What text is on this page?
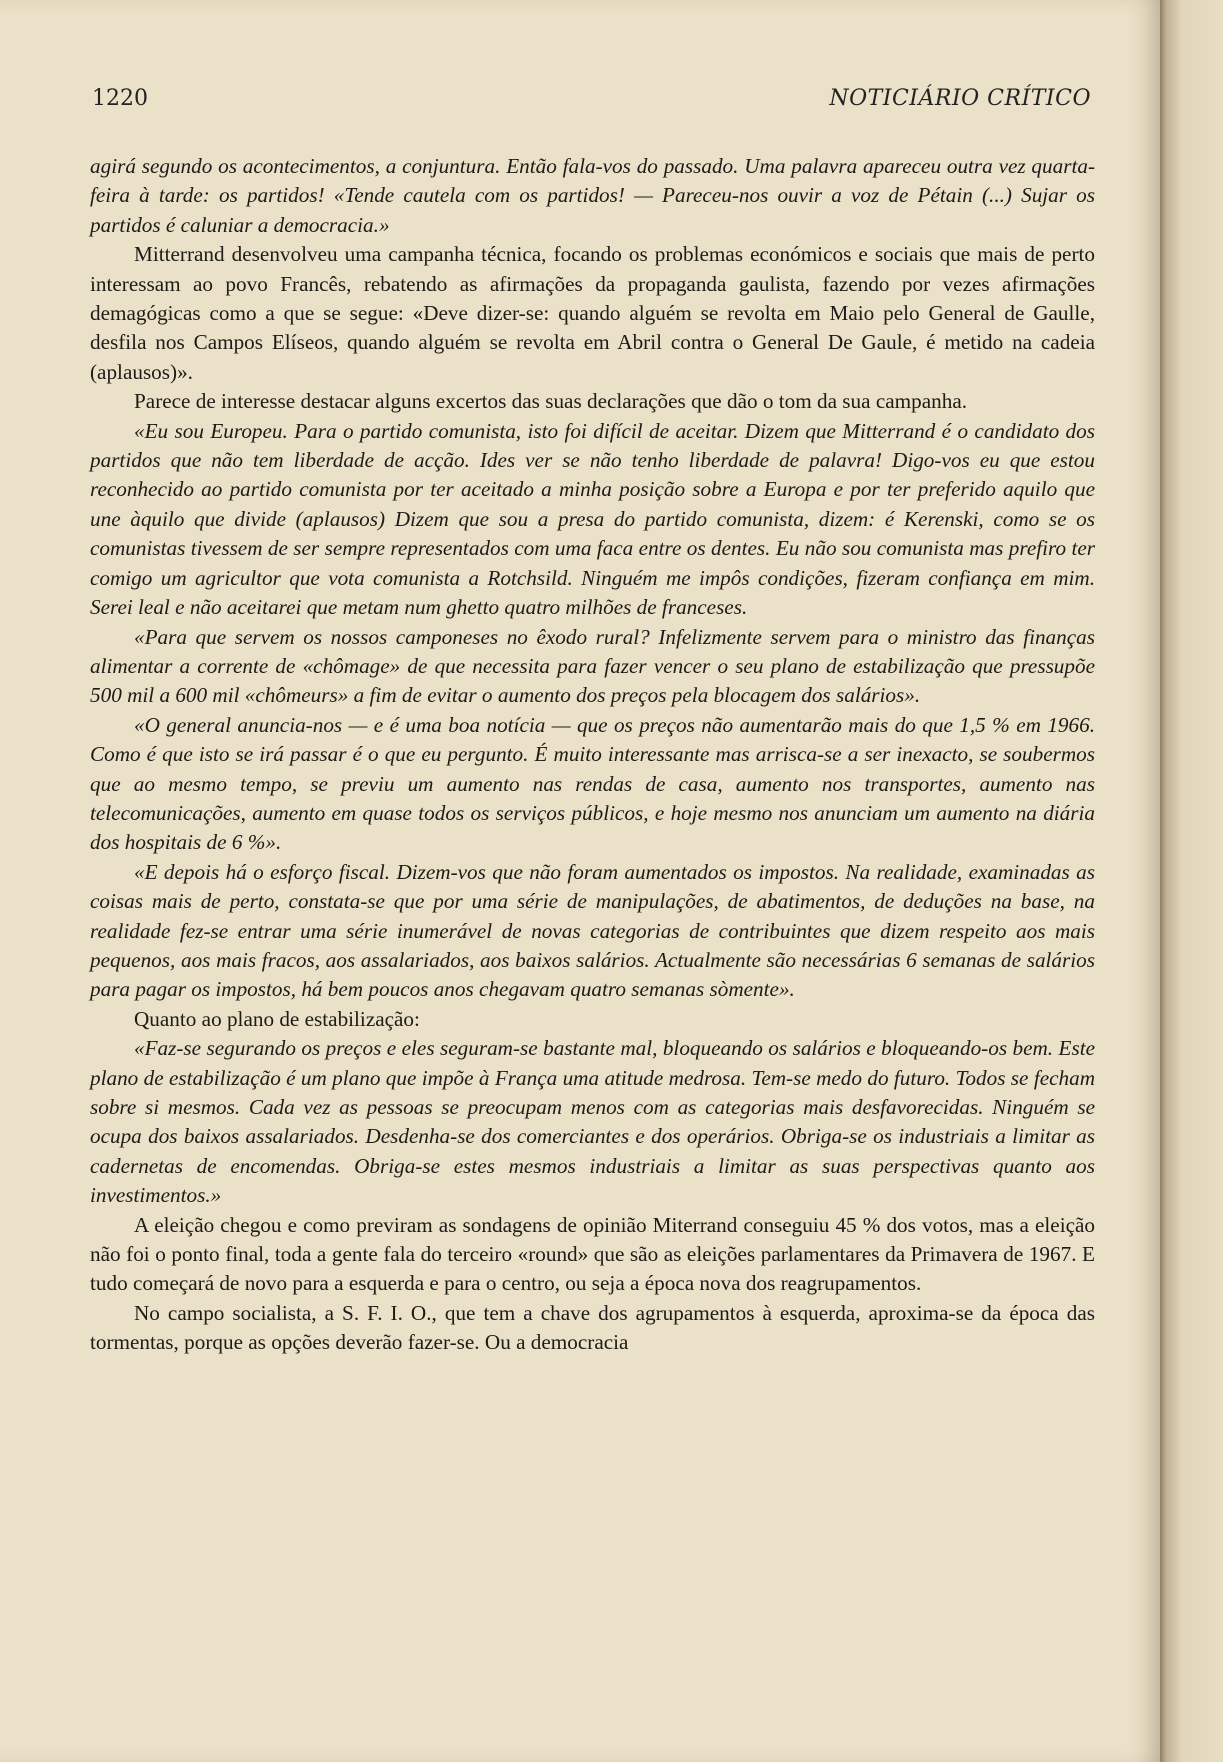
1220	NOTICIÁRIO CRÍTICO

agirá segundo os acontecimentos, a conjuntura. Então fala-vos do passado. Uma palavra apareceu outra vez quarta-feira à tarde: os partidos! «Tende cautela com os partidos! — Pareceu-nos ouvir a voz de Pétain (...) Sujar os partidos é caluniar a democracia.»

Mitterrand desenvolveu uma campanha técnica, focando os problemas económicos e sociais que mais de perto interessam ao povo Francês, rebatendo as afirmações da propaganda gaulista, fazendo por vezes afirmações demagógicas como a que se segue: «Deve dizer-se: quando alguém se revolta em Maio pelo General de Gaulle, desfila nos Campos Elíseos, quando alguém se revolta em Abril contra o General De Gaule, é metido na cadeia (aplausos)».

Parece de interesse destacar alguns excertos das suas declarações que dão o tom da sua campanha.

«Eu sou Europeu. Para o partido comunista, isto foi difícil de aceitar. Dizem que Mitterrand é o candidato dos partidos que não tem liberdade de acção. Ides ver se não tenho liberdade de palavra! Digo-vos eu que estou reconhecido ao partido comunista por ter aceitado a minha posição sobre a Europa e por ter preferido aquilo que une àquilo que divide (aplausos) Dizem que sou a presa do partido comunista, dizem: é Kerenski, como se os comunistas tivessem de ser sempre representados com uma faca entre os dentes. Eu não sou comunista mas prefiro ter comigo um agricultor que vota comunista a Rotchsild. Ninguém me impôs condições, fizeram confiança em mim. Serei leal e não aceitarei que metam num ghetto quatro milhões de franceses.

«Para que servem os nossos camponeses no êxodo rural? Infelizmente servem para o ministro das finanças alimentar a corrente de «chômage» de que necessita para fazer vencer o seu plano de estabilização que pressupõe 500 mil a 600 mil «chômeurs» a fim de evitar o aumento dos preços pela blocagem dos salários».

«O general anuncia-nos — e é uma boa notícia — que os preços não aumentarão mais do que 1,5 % em 1966. Como é que isto se irá passar é o que eu pergunto. É muito interessante mas arrisca-se a ser inexacto, se soubermos que ao mesmo tempo, se previu um aumento nas rendas de casa, aumento nos transportes, aumento nas telecomunicações, aumento em quase todos os serviços públicos, e hoje mesmo nos anunciam um aumento na diária dos hospitais de 6 %».

«E depois há o esforço fiscal. Dizem-vos que não foram aumentados os impostos. Na realidade, examinadas as coisas mais de perto, constata-se que por uma série de manipulações, de abatimentos, de deduções na base, na realidade fez-se entrar uma série inumerável de novas categorias de contribuintes que dizem respeito aos mais pequenos, aos mais fracos, aos assalariados, aos baixos salários. Actualmente são necessárias 6 semanas de salários para pagar os impostos, há bem poucos anos chegavam quatro semanas sòmente».

Quanto ao plano de estabilização:

«Faz-se segurando os preços e eles seguram-se bastante mal, bloqueando os salários e bloqueando-os bem. Este plano de estabilização é um plano que impõe à França uma atitude medrosa. Tem-se medo do futuro. Todos se fecham sobre si mesmos. Cada vez as pessoas se preocupam menos com as categorias mais desfavorecidas. Ninguém se ocupa dos baixos assalariados. Desdenha-se dos comerciantes e dos operários. Obriga-se os industriais a limitar as cadernetas de encomendas. Obriga-se estes mesmos industriais a limitar as suas perspectivas quanto aos investimentos.»

A eleição chegou e como previram as sondagens de opinião Miterrand conseguiu 45 % dos votos, mas a eleição não foi o ponto final, toda a gente fala do terceiro «round» que são as eleições parlamentares da Primavera de 1967. E tudo começará de novo para a esquerda e para o centro, ou seja a época nova dos reagrupamentos.

No campo socialista, a S. F. I. O., que tem a chave dos agrupamentos à esquerda, aproxima-se da época das tormentas, porque as opções deverão fazer-se. Ou a democracia
